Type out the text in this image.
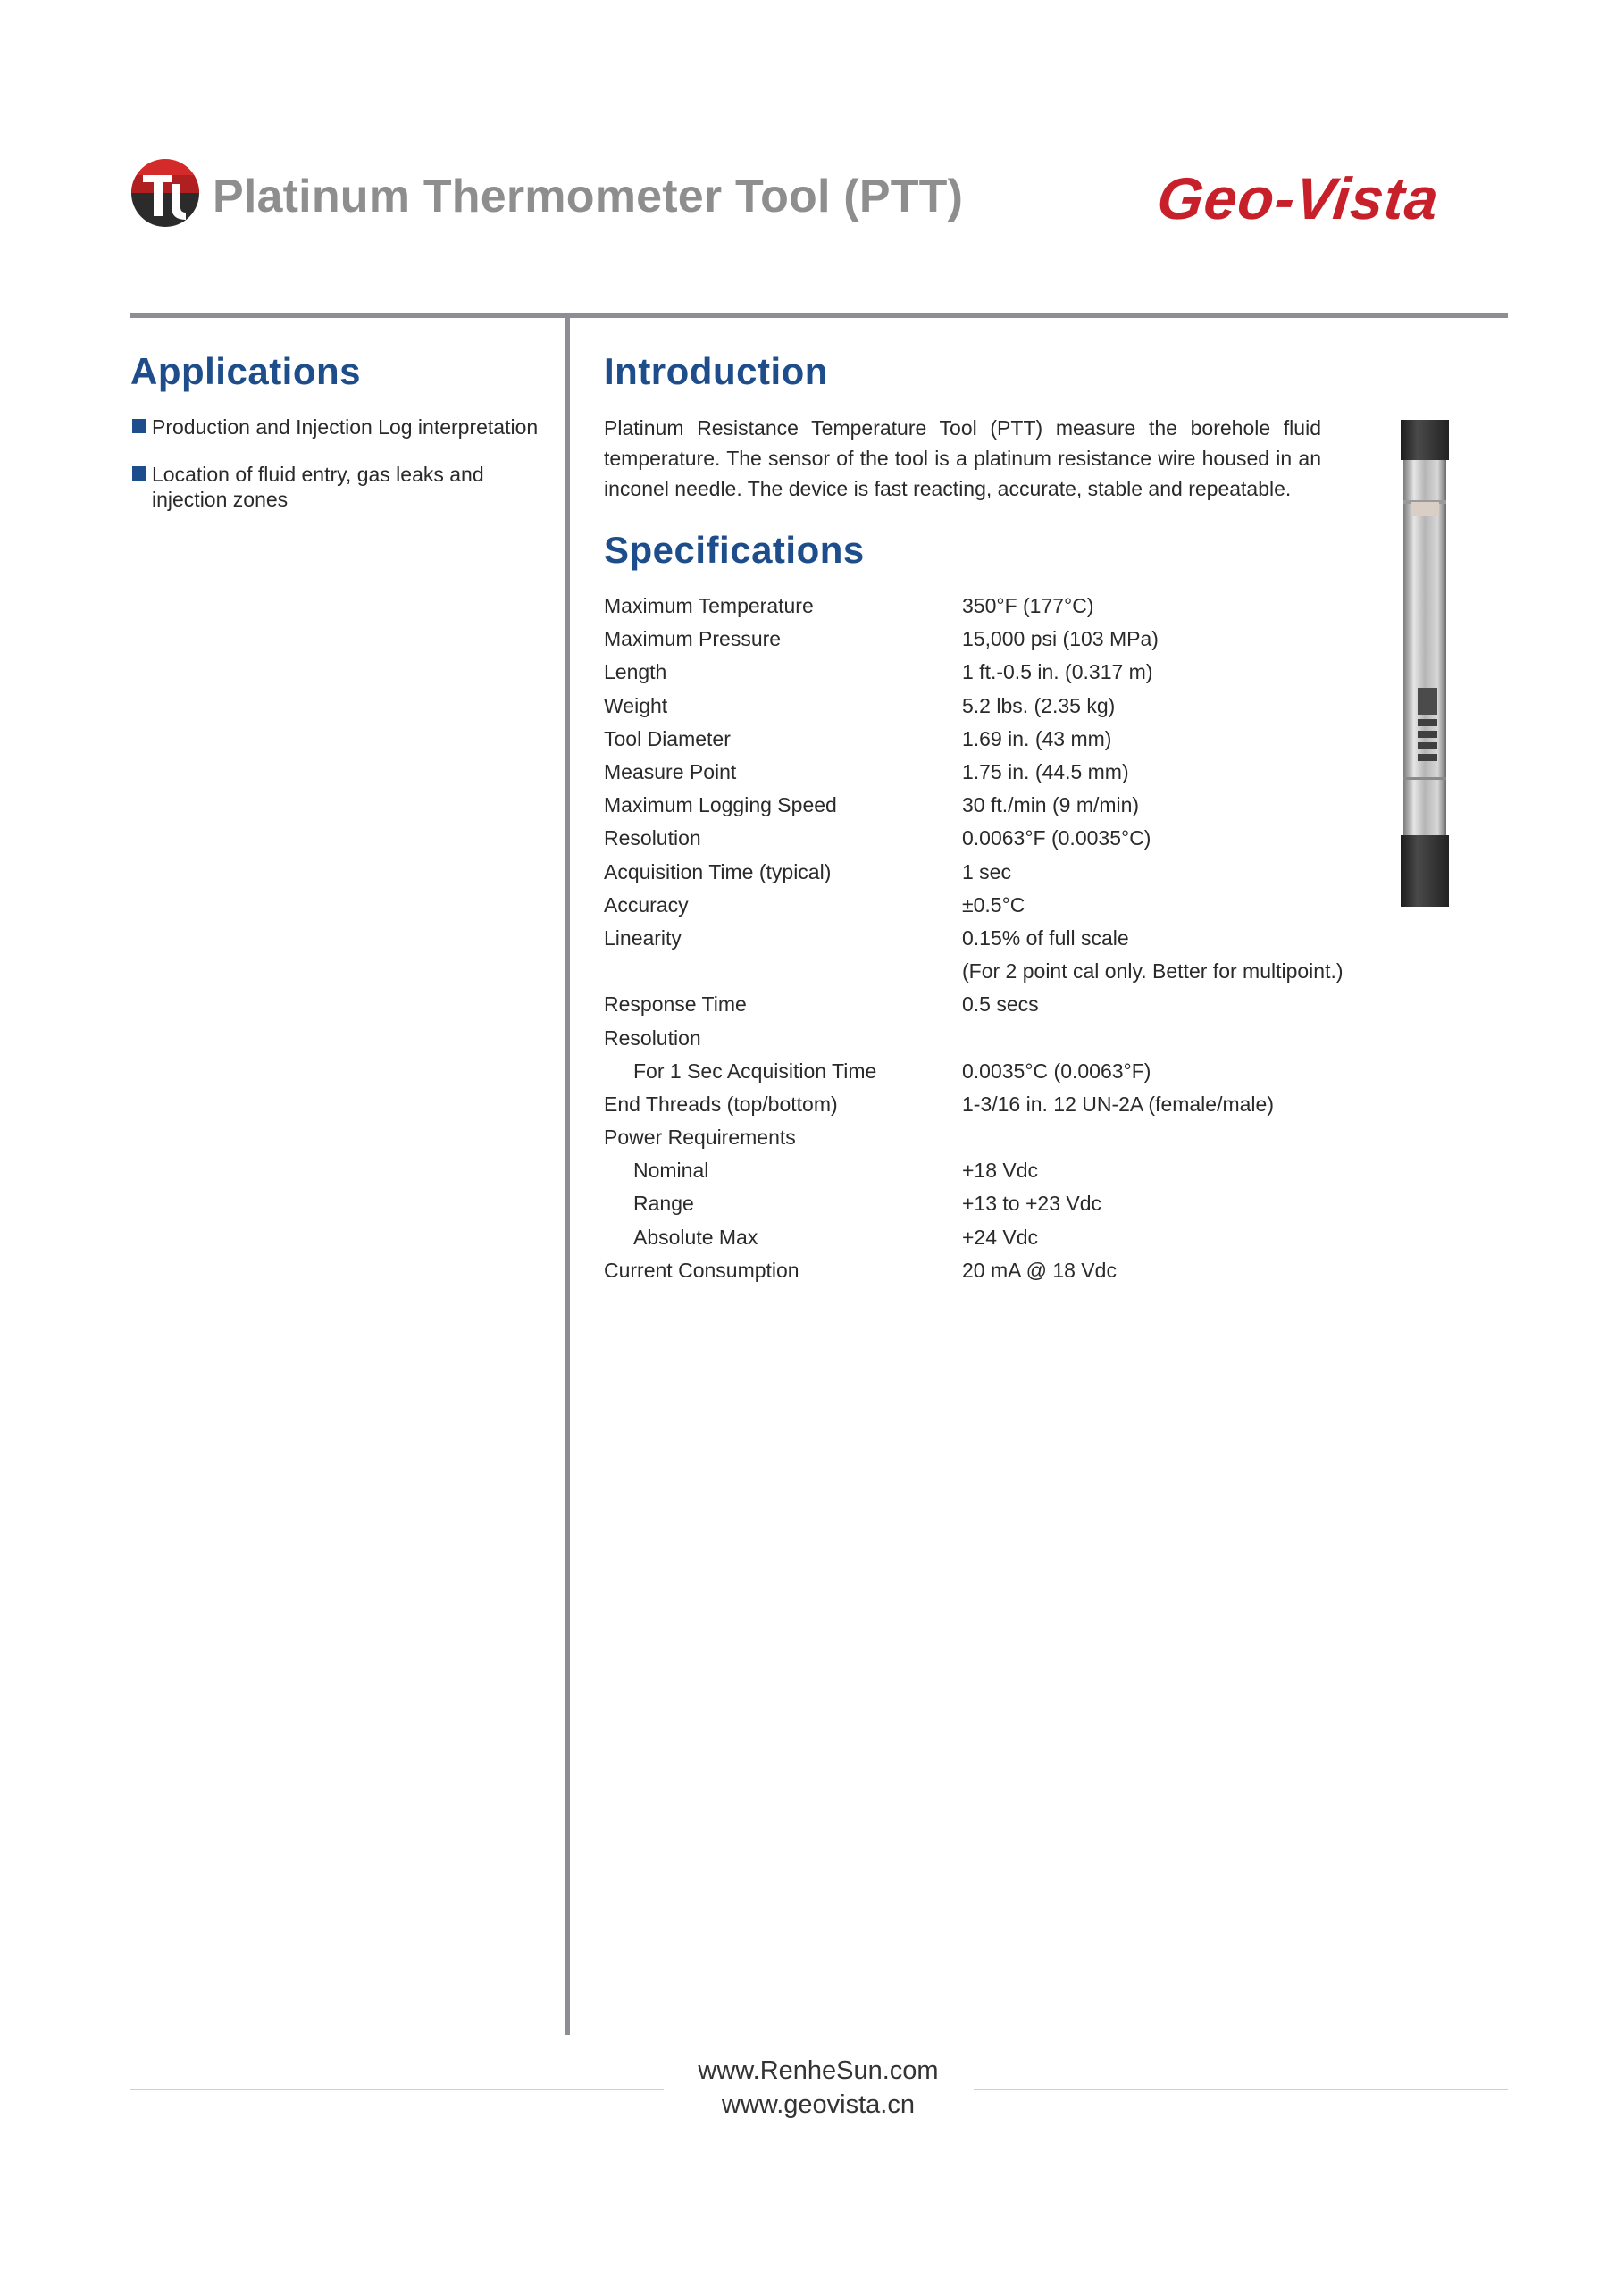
Platinum Thermometer Tool (PTT)	Geo-Vista
Applications
Production and Injection Log interpretation
Location of fluid entry, gas leaks and injection zones
Introduction
Platinum Resistance Temperature Tool (PTT) measure the borehole fluid temperature. The sensor of the tool is a platinum resistance wire housed in an inconel needle. The device is fast reacting, accurate, stable and repeatable.
Specifications
Maximum Temperature	350°F (177°C)
Maximum Pressure	15,000 psi (103 MPa)
Length	1 ft.-0.5 in. (0.317 m)
Weight	5.2 lbs. (2.35 kg)
Tool Diameter	1.69 in. (43 mm)
Measure Point	1.75 in. (44.5 mm)
Maximum Logging Speed	30 ft./min (9 m/min)
Resolution	0.0063°F (0.0035°C)
Acquisition Time (typical)	1 sec
Accuracy	±0.5°C
Linearity	0.15% of full scale
	(For 2 point cal only. Better for multipoint.)
Response Time	0.5 secs
Resolution	
For 1 Sec Acquisition Time	0.0035°C (0.0063°F)
End Threads (top/bottom)	1-3/16 in. 12 UN-2A (female/male)
Power Requirements	
Nominal	+18 Vdc
Range	+13 to +23 Vdc
Absolute Max	+24 Vdc
Current Consumption	20 mA @ 18 Vdc
www.RenheSun.com
www.geovista.cn
